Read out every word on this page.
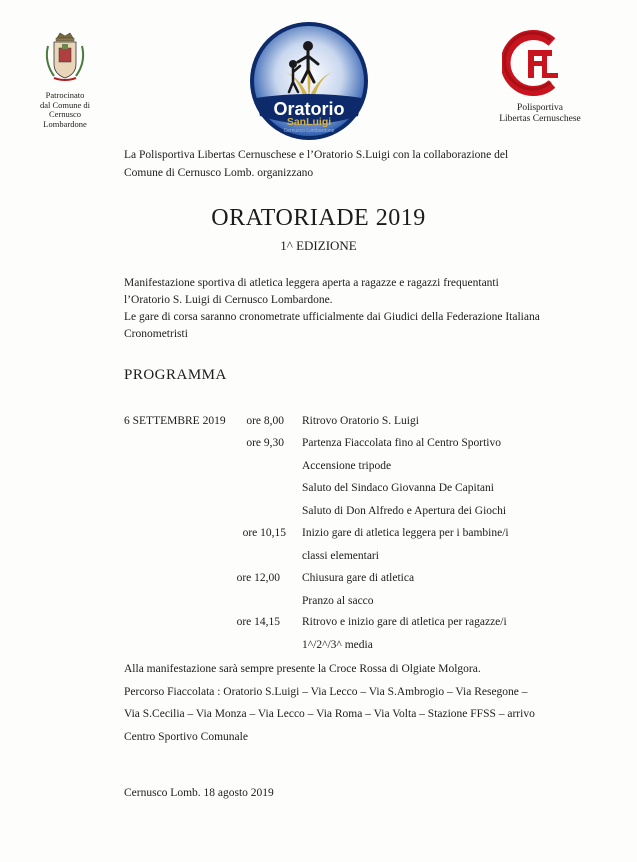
Patrocinato
dal Comune di
Cernusco
Lombardone
Oratorio
SanLuigi
Cernusco Lombardone
Polisportiva
Libertas Cernuschese
La Polisportiva Libertas Cernuschese e l’Oratorio S.Luigi con la collaborazione del
Comune di Cernusco Lomb. organizzano
ORATORIADE 2019
1^ EDIZIONE
Manifestazione sportiva di atletica leggera aperta a ragazze e ragazzi frequentanti
l’Oratorio S. Luigi di Cernusco Lombardone.
Le gare di corsa saranno cronometrate ufficialmente dai Giudici della Federazione Italiana
Cronometristi
PROGRAMMA
6 SETTEMBRE 2019	ore 8,00 Ritrovo Oratorio S. Luigi
ore 9,30 Partenza Fiaccolata fino al Centro Sportivo
Accensione tripode
Saluto del Sindaco Giovanna De Capitani
Saluto di Don Alfredo e Apertura dei Giochi
ore 10,15 Inizio gare di atletica leggera per i bambine/i
classi elementari
ore 12,00 Chiusura gare di atletica
Pranzo al sacco
ore 14,15 Ritrovo e inizio gare di atletica per ragazze/i
1^/2^/3^ media
Alla manifestazione sarà sempre presente la Croce Rossa di Olgiate Molgora.
Percorso Fiaccolata : Oratorio S.Luigi – Via Lecco – Via S.Ambrogio – Via Resegone –
Via S.Cecilia – Via Monza – Via Lecco – Via Roma – Via Volta – Stazione FFSS – arrivo
Centro Sportivo Comunale
Cernusco Lomb. 18 agosto 2019
